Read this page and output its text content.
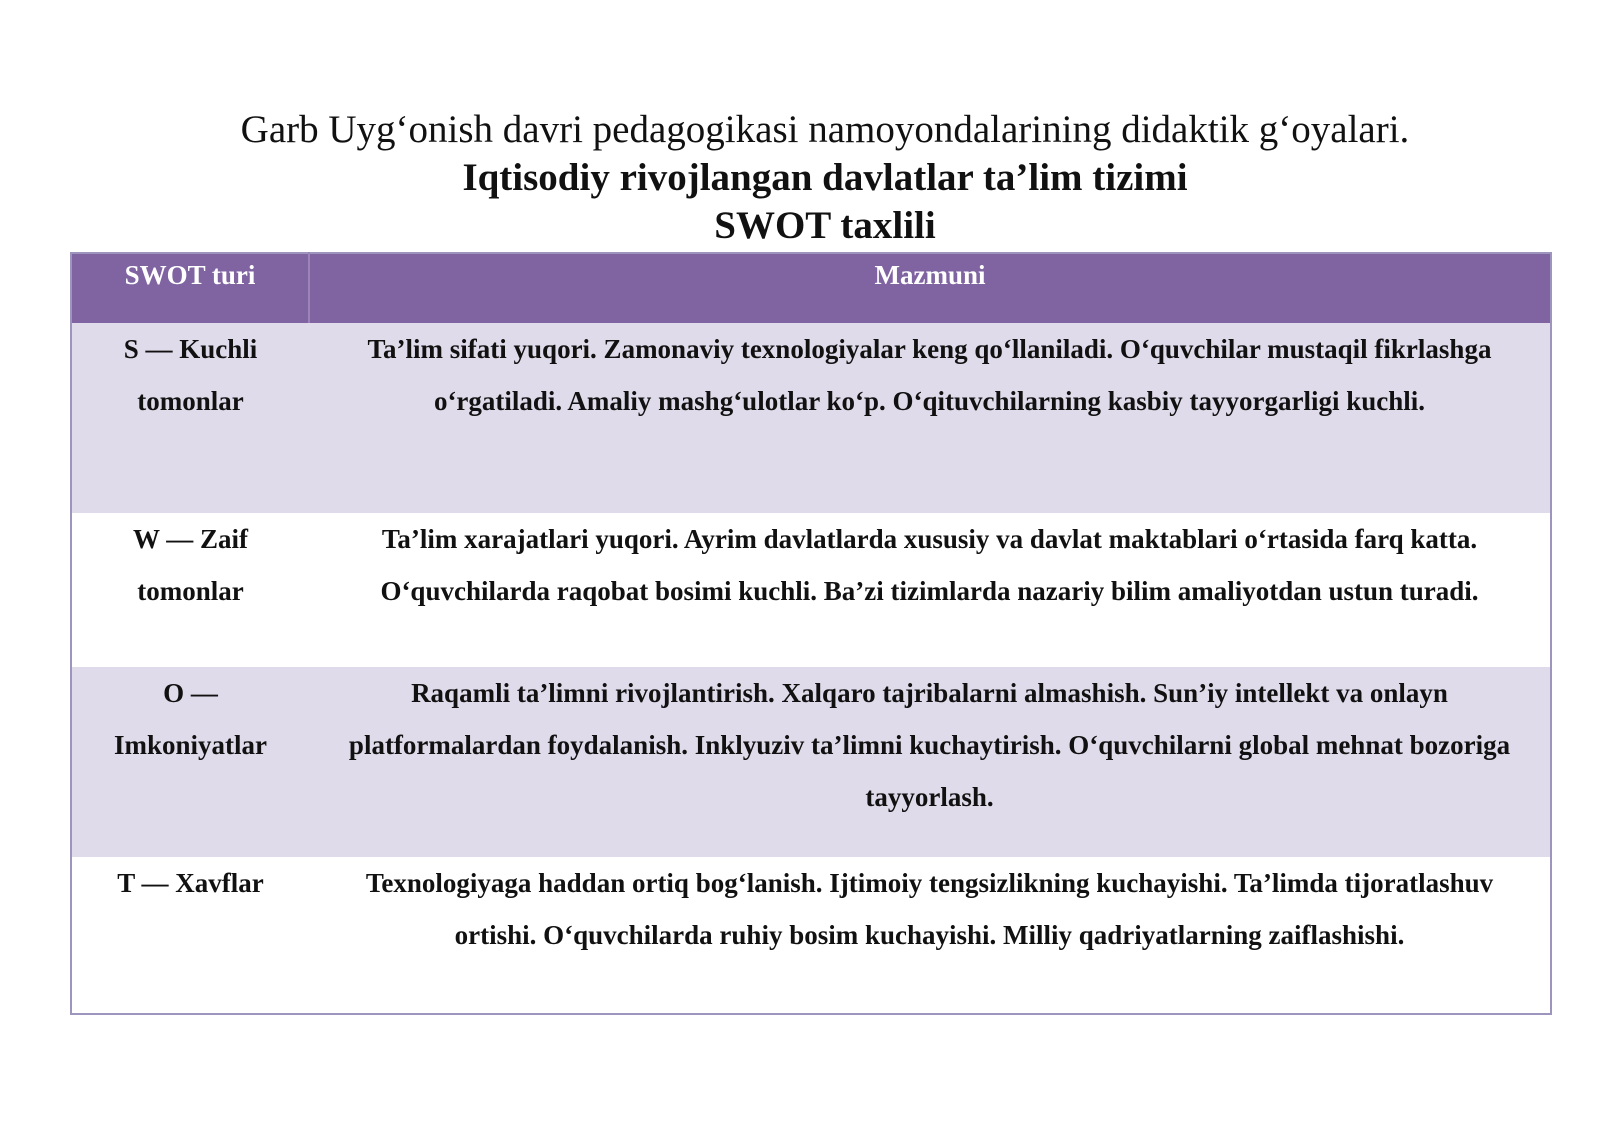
Garb Uyg‘onish davri pedagogikasi namoyondalarining didaktik g‘oyalari.

Iqtisodiy rivojlangan davlatlar ta’lim tizimi

SWOT taxlili

SWOT turi	Mazmuni
S — Kuchli tomonlar	Ta’lim sifati yuqori. Zamonaviy texnologiyalar keng qo‘llaniladi. O‘quvchilar mustaqil fikrlashga o‘rgatiladi. Amaliy mashg‘ulotlar ko‘p. O‘qituvchilarning kasbiy tayyorgarligi kuchli.
W — Zaif tomonlar	Ta’lim xarajatlari yuqori. Ayrim davlatlarda xususiy va davlat maktablari o‘rtasida farq katta. O‘quvchilarda raqobat bosimi kuchli. Ba’zi tizimlarda nazariy bilim amaliyotdan ustun turadi.
O — Imkoniyatlar	Raqamli ta’limni rivojlantirish. Xalqaro tajribalarni almashish. Sun’iy intellekt va onlayn platformalardan foydalanish. Inklyuziv ta’limni kuchaytirish. O‘quvchilarni global mehnat bozoriga tayyorlash.
T — Xavflar	Texnologiyaga haddan ortiq bog‘lanish. Ijtimoiy tengsizlikning kuchayishi. Ta’limda tijoratlashuv ortishi. O‘quvchilarda ruhiy bosim kuchayishi. Milliy qadriyatlarning zaiflashishi.
